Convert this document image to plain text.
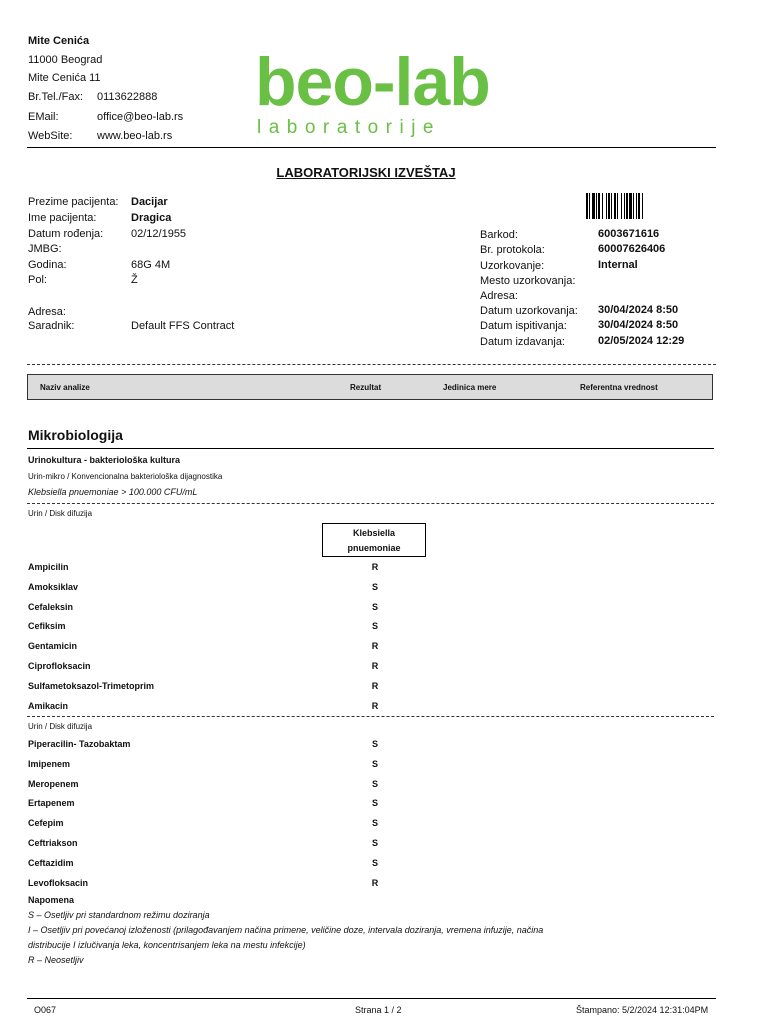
Mite Cenića
11000 Beograd
Mite Cenića 11
Br.Tel./Fax: 0113622888
EMail:	office@beo-lab.rs
WebSite: www.beo-lab.rs
beo-lab
laboratorije
LABORATORIJSKI IZVEŠTAJ
Prezime pacijenta: Dacijar
Ime pacijenta:	Dragica
Datum rođenja:	02/12/1955
JMBG:
Godina:	68G 4M
Pol:	Ž
Adresa:
Saradnik:	Default FFS Contract
Barkod:	6003671616
Br. protokola:	60007626406
Uzorkovanje:	Internal
Mesto uzorkovanja:
Adresa:
Datum uzorkovanja: 30/04/2024 8:50
Datum ispitivanja:	30/04/2024 8:50
Datum izdavanja:	02/05/2024 12:29
Naziv analize	Rezultat	Jedinica mere	Referentna vrednost
Mikrobiologija
Urinokultura - bakteriološka kultura
Urin-mikro / Konvencionalna bakteriološka dijagnostika
Klebsiella pnuemoniae > 100.000 CFU/mL
Urin / Disk difuzija
Klebsiella
pnuemoniae
Ampicilin	R
Amoksiklav	S
Cefaleksin	S
Cefiksim	S
Gentamicin	R
Ciprofloksacin	R
Sulfametoksazol-Trimetoprim	R
Amikacin	R
Urin / Disk difuzija
Piperacilin- Tazobaktam	S
Imipenem	S
Meropenem	S
Ertapenem	S
Cefepim	S
Ceftriakson	S
Ceftazidim	S
Levofloksacin	R
Napomena
S – Osetljiv pri standardnom režimu doziranja
I – Osetljiv pri povećanoj izloženosti (prilagođavanjem načina primene, veličine doze, intervala doziranja, vremena infuzije, načina
distribucije I izlučivanja leka, koncentrisanjem leka na mestu infekcije)
R – Neosetljiv
O067	Strana 1 / 2	Štampano: 5/2/2024 12:31:04PM
